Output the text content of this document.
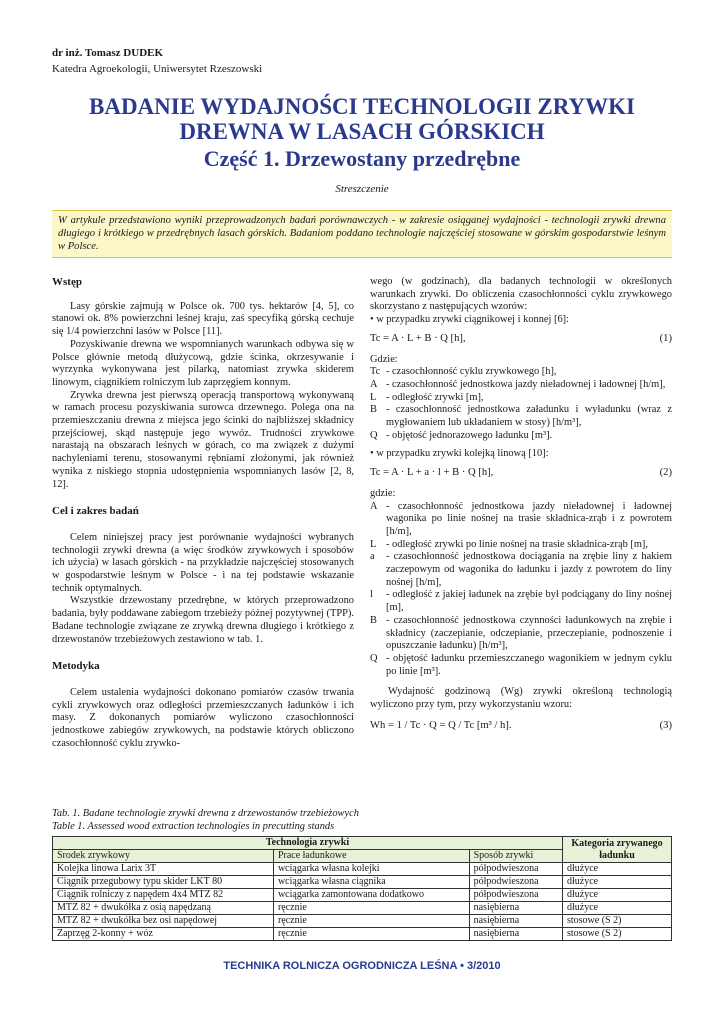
dr inż. Tomasz DUDEK
Katedra Agroekologii, Uniwersytet Rzeszowski
BADANIE WYDAJNOŚCI TECHNOLOGII ZRYWKI
DREWNA W LASACH GÓRSKICH
Część 1. Drzewostany przedrębne
Streszczenie
W artykule przedstawiono wyniki przeprowadzonych badań porównawczych - w zakresie osiąganej wydajności - technologii zrywki drewna długiego i krótkiego w przedrębnych lasach górskich. Badaniom poddano technologie najczęściej stosowane w górskim gospodarstwie leśnym w Polsce.
Wstęp

Lasy górskie zajmują w Polsce ok. 700 tys. hektarów [4, 5], co stanowi ok. 8% powierzchni leśnej kraju, zaś specyfiką górską cechuje się 1/4 powierzchni lasów w Polsce [11].

Pozyskiwanie drewna we wspomnianych warunkach odbywa się w Polsce głównie metodą dłużycową, gdzie ścinka, okrzesywanie i wyrzynka wykonywana jest pilarką, natomiast zrywka skiderem linowym, ciągnikiem rolniczym lub zaprzęgiem konnym.

Zrywka drewna jest pierwszą operacją transportową wykonywaną w ramach procesu pozyskiwania surowca drzewnego. Polega ona na przemieszczaniu drewna z miejsca jego ścinki do najbliższej składnicy przejściowej, skąd następuje jego wywóz. Trudności zrywkowe narastają na obszarach leśnych w górach, co ma związek z dużymi nachyleniami terenu, stosowanymi rębniami złożonymi, jak również wynika z niskiego stopnia udostępnienia wspomnianych lasów [2, 8, 12].

Cel i zakres badań

Celem niniejszej pracy jest porównanie wydajności wybranych technologii zrywki drewna (a więc środków zrywkowych i sposobów ich użycia) w lasach górskich - na przykładzie najczęściej stosowanych w gospodarstwie leśnym w Polsce - i na tej podstawie wskazanie technik optymalnych.

Wszystkie drzewostany przedrębne, w których przeprowadzono badania, były poddawane zabiegom trzebieży późnej pozytywnej (TPP). Badane technologie związane ze zrywką drewna długiego i krótkiego z drzewostanów trzebieżowych zestawiono w tab. 1.

Metodyka

Celem ustalenia wydajności dokonano pomiarów czasów trwania cykli zrywkowych oraz odległości przemieszczanych ładunków i ich masy. Z dokonanych pomiarów wyliczono czasochłonności jednostkowe zabiegów zrywkowych, na podstawie których obliczono czasochłonność cyklu zrywko-

wego (w godzinach), dla badanych technologii w określonych warunkach zrywki. Do obliczenia czasochłonności cyklu zrywkowego skorzystano z następujących wzorów:

• w przypadku zrywki ciągnikowej i konnej [6]:
Tc = A · L + B · Q [h],	(1)
Gdzie:
Tc - czasochłonność cyklu zrywkowego [h],
A - czasochłonność jednostkowa jazdy nieładownej i ładownej [h/m],
L - odległość zrywki [m],
B - czasochłonność jednostkowa załadunku i wyładunku (wraz z mygłowaniem lub układaniem w stosy) [h/m³],
Q - objętość jednorazowego ładunku [m³].
• w przypadku zrywki kolejką linową [10]:
Tc = A · L + a · l + B · Q [h],	(2)
gdzie:
A - czasochłonność jednostkowa jazdy nieładownej i ładownej wagonika po linie nośnej na trasie składnica-zrąb i z powrotem [h/m],
L - odległość zrywki po linie nośnej na trasie składnica-zrąb [m],
a	- czasochłonność jednostkowa dociągania na zrębie liny z hakiem zaczepowym od wagonika do ładunku i jazdy z powrotem do liny nośnej [h/m],
l	- odległość z jakiej ładunek na zrębie był podciągany do liny nośnej [m],
B - czasochłonność jednostkowa czynności ładunkowych na zrębie i składnicy (zaczepianie, odczepianie, przeczepianie, podnoszenie i opuszczanie ładunku) [h/m³],
Q - objętość ładunku przemieszczanego wagonikiem w jednym cyklu po linie [m³].

Wydajność godzinową (Wg) zrywki określoną technologią wyliczono przy tym, przy wykorzystaniu wzoru:

Wh = 1 / Tc · Q = Q / Tc [m³ / h].	(3)
Tab. 1. Badane technologie zrywki drewna z drzewostanów trzebieżowych
Table 1. Assessed wood extraction technologies in precutting stands
Technologia zrywki			Kategoria zrywanego ładunku
Środek zrywkowy	Prace ładunkowe	Sposób zrywki	
Kolejka linowa Larix 3T	wciągarka własna kolejki	półpodwieszona	dłużyce
Ciągnik przegubowy typu skider LKT 80	wciągarka własna ciągnika	półpodwieszona	dłużyce
Ciągnik rolniczy z napędem 4x4 MTZ 82	wciągarka zamontowana dodatkowo	półpodwieszona	dłużyce
MTZ 82 + dwukółka z osią napędzaną	ręcznie	nasiębierna	dłużyce
MTZ 82 + dwukółka bez osi napędowej	ręcznie	nasiębierna	stosowe (S 2)
Zaprzęg 2-konny + wóz	ręcznie	nasiębierna	stosowe (S 2)
TECHNIKA ROLNICZA OGRODNICZA LEŚNA • 3/2010
